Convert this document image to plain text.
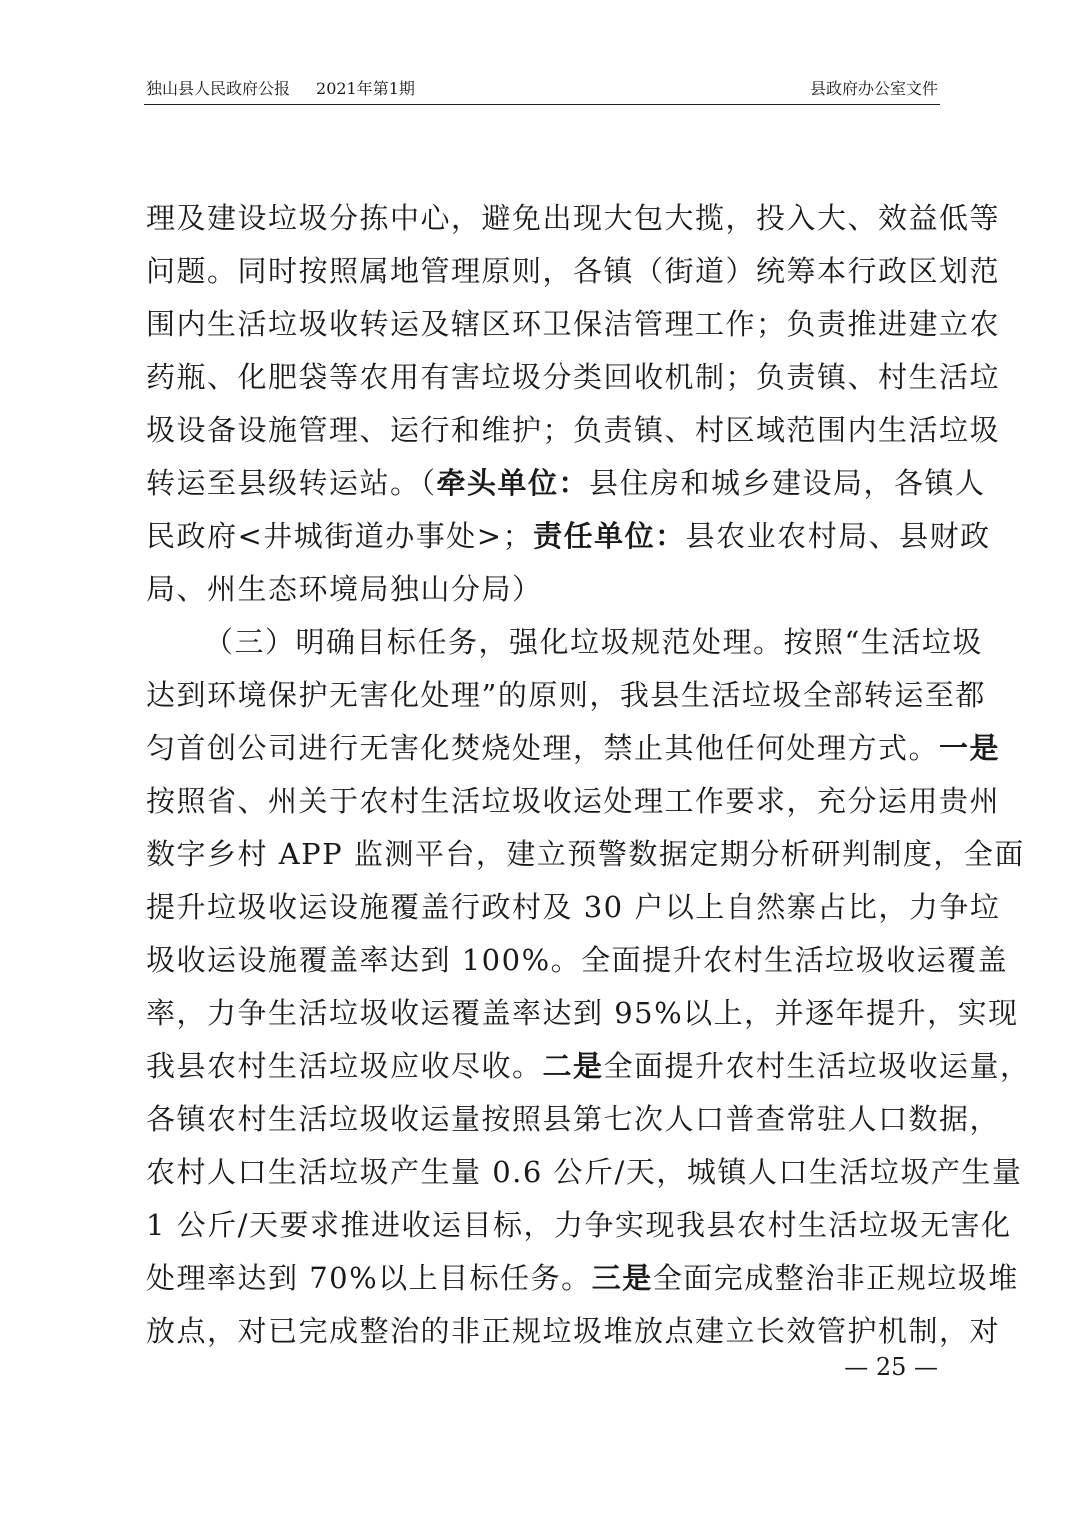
独山县人民政府公报 2021年第1期	县政府办公室文件
理及建设垃圾分拣中心，避免出现大包大揽，投入大、效益低等
问题。同时按照属地管理原则，各镇（街道）统筹本行政区划范
围内生活垃圾收转运及辖区环卫保洁管理工作；负责推进建立农
药瓶、化肥袋等农用有害垃圾分类回收机制；负责镇、村生活垃
圾设备设施管理、运行和维护；负责镇、村区域范围内生活垃圾
转运至县级转运站。（牵头单位：县住房和城乡建设局，各镇人
民政府<井城街道办事处>；责任单位：县农业农村局、县财政
局、州生态环境局独山分局）
（三）明确目标任务，强化垃圾规范处理。按照“生活垃圾
达到环境保护无害化处理”的原则，我县生活垃圾全部转运至都
匀首创公司进行无害化焚烧处理，禁止其他任何处理方式。一是
按照省、州关于农村生活垃圾收运处理工作要求，充分运用贵州
数字乡村 APP 监测平台，建立预警数据定期分析研判制度，全面
提升垃圾收运设施覆盖行政村及 30 户以上自然寨占比，力争垃
圾收运设施覆盖率达到 100%。全面提升农村生活垃圾收运覆盖
率，力争生活垃圾收运覆盖率达到 95%以上，并逐年提升，实现
我县农村生活垃圾应收尽收。二是全面提升农村生活垃圾收运量，
各镇农村生活垃圾收运量按照县第七次人口普查常驻人口数据，
农村人口生活垃圾产生量 0.6 公斤/天，城镇人口生活垃圾产生量
1 公斤/天要求推进收运目标，力争实现我县农村生活垃圾无害化
处理率达到 70%以上目标任务。三是全面完成整治非正规垃圾堆
放点，对已完成整治的非正规垃圾堆放点建立长效管护机制，对
— 25 —
